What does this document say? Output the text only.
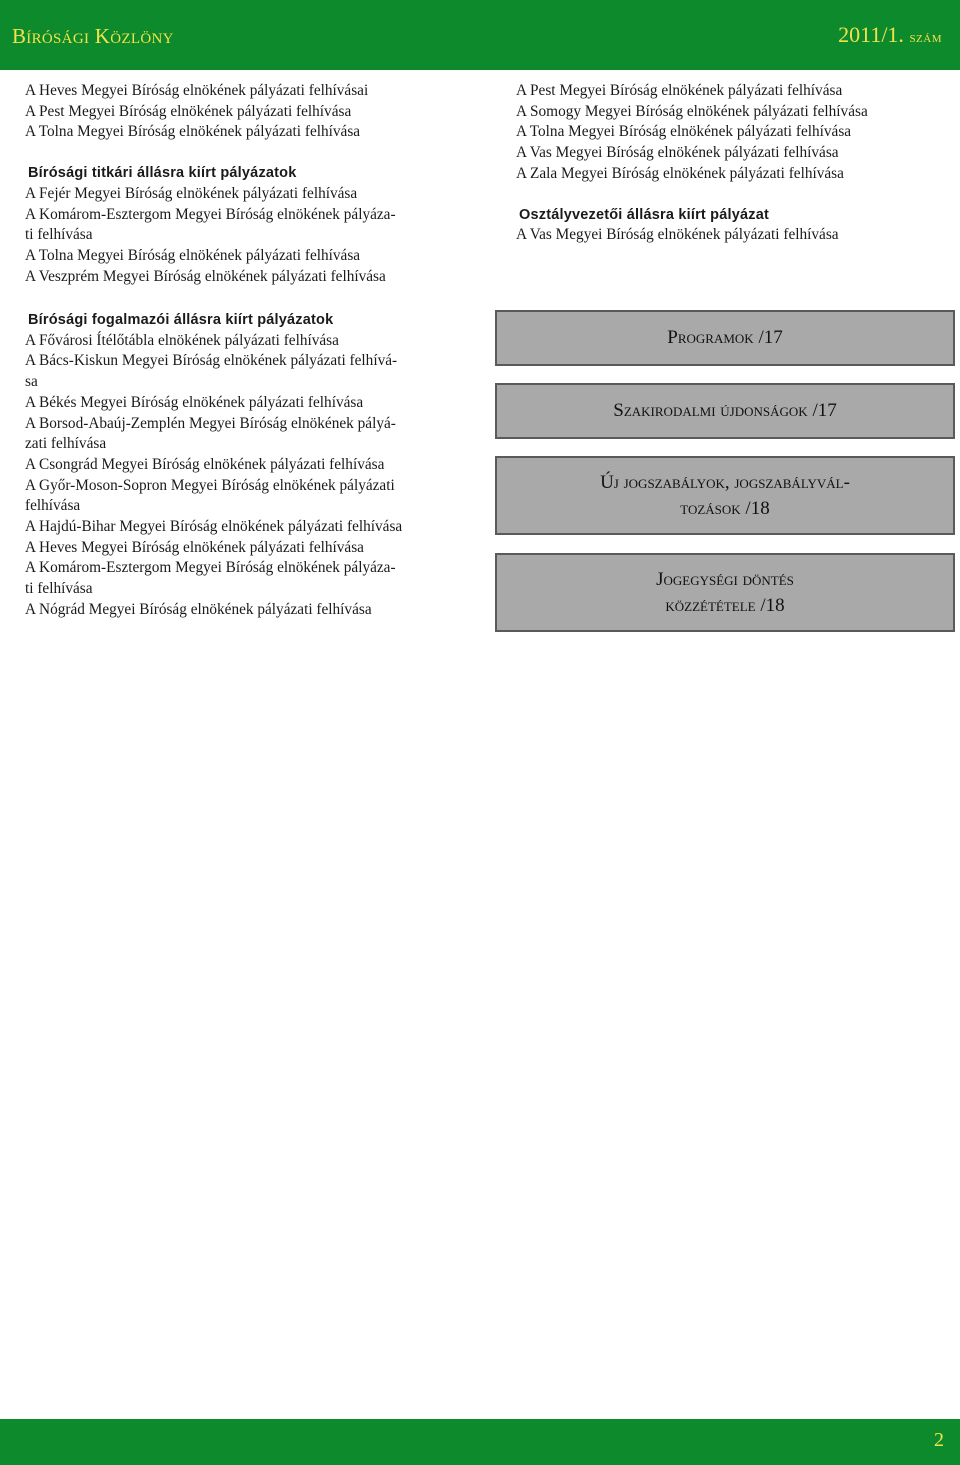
Bírósági Közlöny	2011/1. szám

A Heves Megyei Bíróság elnökének pályázati felhívásai

A Pest Megyei Bíróság elnökének pályázati felhívása

A Tolna Megyei Bíróság elnökének pályázati felhívása

Bírósági titkári állásra kiírt pályázatok

A Fejér Megyei Bíróság elnökének pályázati felhívása

A Komárom-Esztergom Megyei Bíróság elnökének pályáza-

ti felhívása

A Tolna Megyei Bíróság elnökének pályázati felhívása

A Veszprém Megyei Bíróság elnökének pályázati felhívása

Bírósági fogalmazói állásra kiírt pályázatok

A Fővárosi Ítélőtábla elnökének pályázati felhívása

A Bács-Kiskun Megyei Bíróság elnökének pályázati felhívá-

sa

A Békés Megyei Bíróság elnökének pályázati felhívása

A Borsod-Abaúj-Zemplén Megyei Bíróság elnökének pályá-

zati felhívása

A Csongrád Megyei Bíróság elnökének pályázati felhívása

A Győr-Moson-Sopron Megyei Bíróság elnökének pályázati

felhívása

A Hajdú-Bihar Megyei Bíróság elnökének pályázati felhívása

A Heves Megyei Bíróság elnökének pályázati felhívása

A Komárom-Esztergom Megyei Bíróság elnökének pályáza-

ti felhívása

A Nógrád Megyei Bíróság elnökének pályázati felhívása

A Pest Megyei Bíróság elnökének pályázati felhívása

A Somogy Megyei Bíróság elnökének pályázati felhívása

A Tolna Megyei Bíróság elnökének pályázati felhívása

A Vas Megyei Bíróság elnökének pályázati felhívása

A Zala Megyei Bíróság elnökének pályázati felhívása

Osztályvezetői állásra kiírt pályázat

A Vas Megyei Bíróság elnökének pályázati felhívása

Programok /17
Szakirodalmi újdonságok /17
Új jogszabályok, jogszabályvál-
tozások /18
Jogegységi döntés
közzététele /18
2
